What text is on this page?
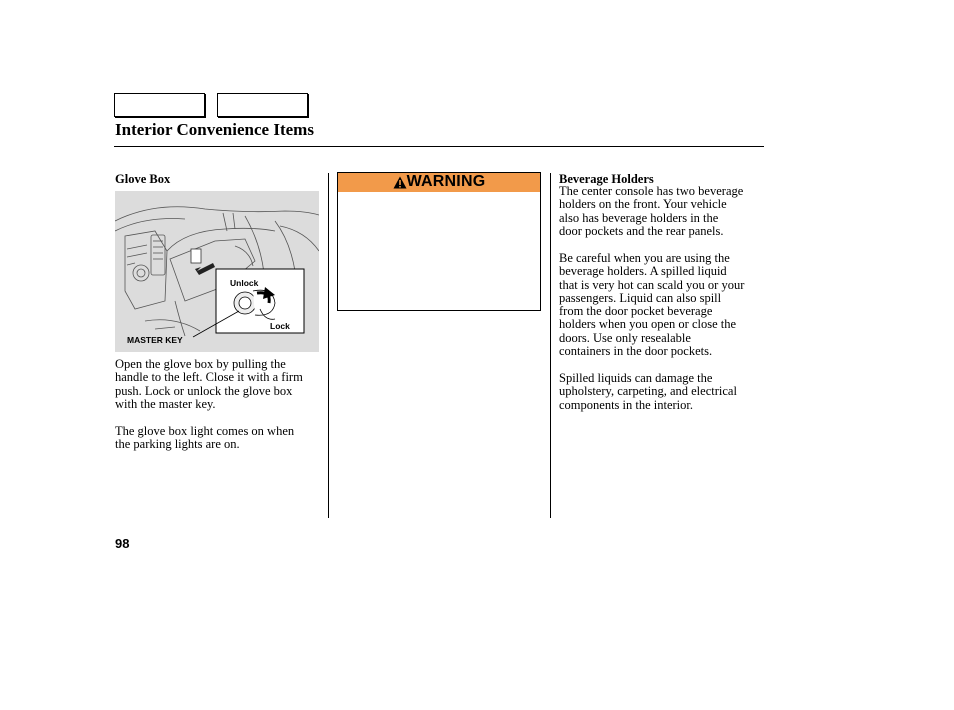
Interior Convenience Items
Glove Box
Unlock
Lock
MASTER KEY
Open the glove box by pulling the
handle to the left. Close it with a firm
push. Lock or unlock the glove box
with the master key.
The glove box light comes on when
the parking lights are on.
WARNING	Beverage Holders
The center console has two beverage
holders on the front. Your vehicle
also has beverage holders in the
door pockets and the rear panels.
Be careful when you are using the
beverage holders. A spilled liquid
that is very hot can scald you or your
passengers. Liquid can also spill
from the door pocket beverage
holders when you open or close the
doors. Use only resealable
containers in the door pockets.
Spilled liquids can damage the
upholstery, carpeting, and electrical
components in the interior.
98
